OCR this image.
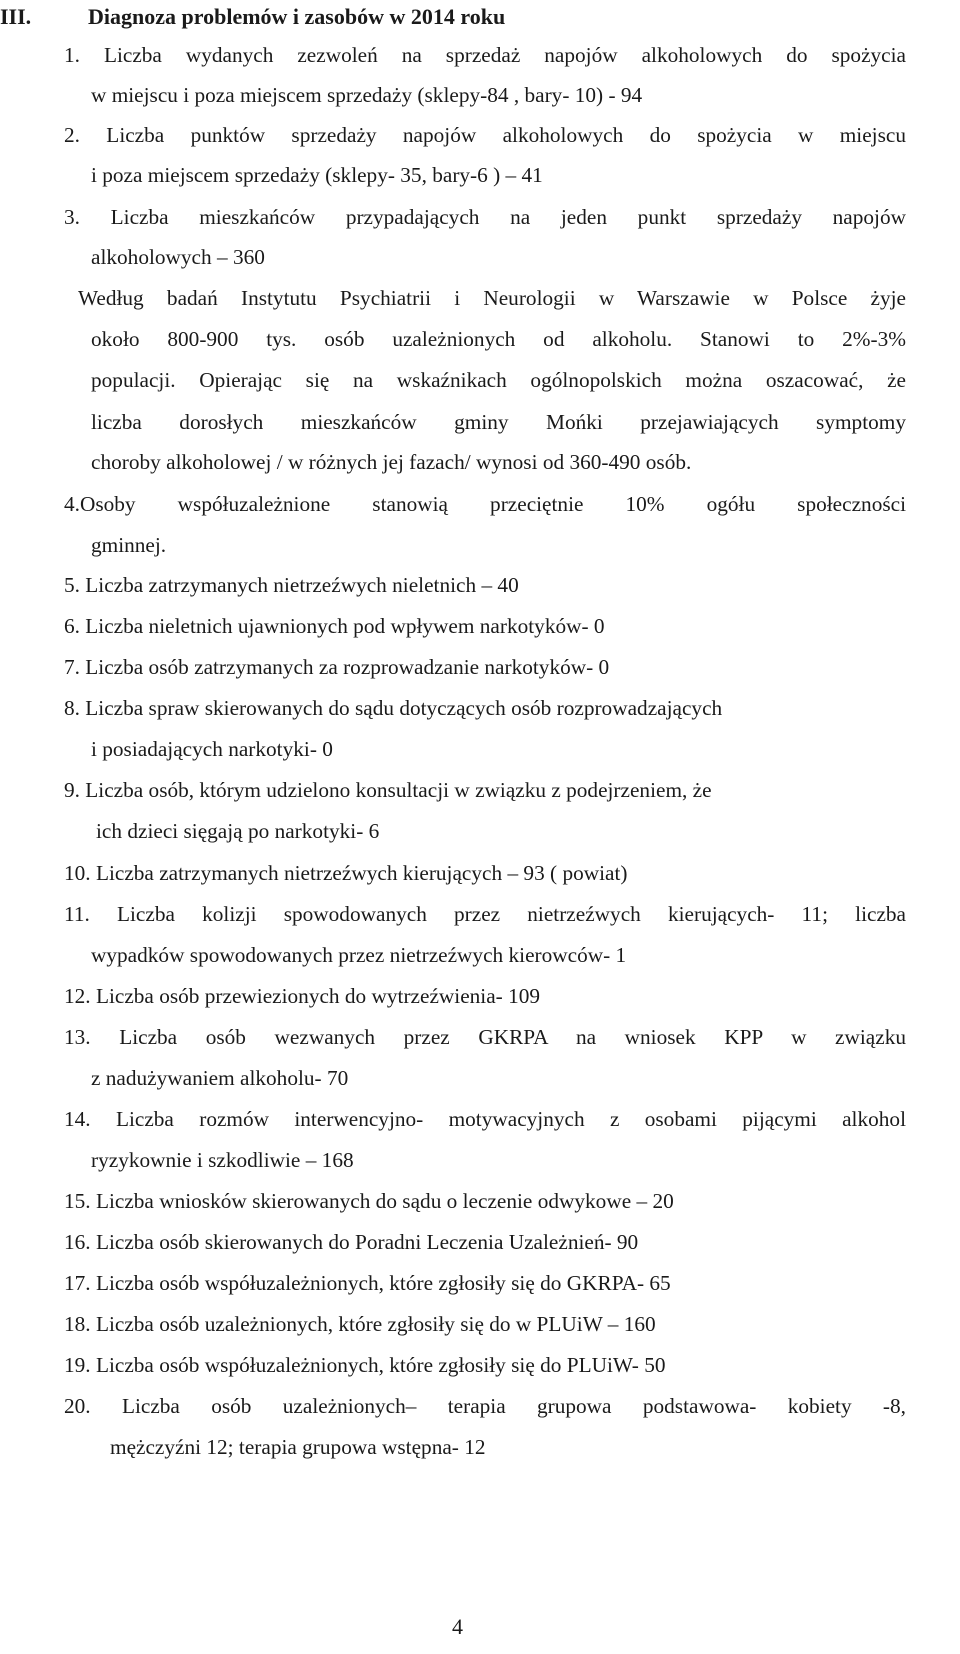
III.	Diagnoza problemów i zasobów w 2014 roku
1. Liczba wydanych zezwoleń na sprzedaż napojów alkoholowych do spożycia
w miejscu i poza miejscem sprzedaży (sklepy-84 , bary- 10) - 94
2. Liczba punktów sprzedaży napojów alkoholowych do spożycia w miejscu
i poza miejscem sprzedaży (sklepy- 35, bary-6 ) – 41
3. Liczba mieszkańców przypadających na jeden punkt sprzedaży napojów
alkoholowych – 360
Według badań Instytutu Psychiatrii i Neurologii w Warszawie w Polsce żyje
około 800-900 tys. osób uzależnionych od alkoholu. Stanowi to 2%-3%
populacji. Opierając się na wskaźnikach ogólnopolskich można oszacować, że
liczba dorosłych mieszkańców gminy Mońki przejawiających symptomy
choroby alkoholowej / w różnych jej fazach/ wynosi od 360-490 osób.
4.Osoby współuzależnione stanowią przeciętnie 10% ogółu społeczności
gminnej.
5. Liczba zatrzymanych nietrzeźwych nieletnich – 40
6. Liczba nieletnich ujawnionych pod wpływem narkotyków- 0
7. Liczba osób zatrzymanych za rozprowadzanie narkotyków- 0
8. Liczba spraw skierowanych do sądu dotyczących osób rozprowadzających
i posiadających narkotyki- 0
9. Liczba osób, którym udzielono konsultacji w związku z podejrzeniem, że
ich dzieci sięgają po narkotyki- 6
10. Liczba zatrzymanych nietrzeźwych kierujących – 93 ( powiat)
11. Liczba kolizji spowodowanych przez nietrzeźwych kierujących- 11; liczba
wypadków spowodowanych przez nietrzeźwych kierowców- 1
12. Liczba osób przewiezionych do wytrzeźwienia- 109
13. Liczba osób wezwanych przez GKRPA na wniosek KPP w związku
z nadużywaniem alkoholu- 70
14. Liczba rozmów interwencyjno- motywacyjnych z osobami pijącymi alkohol
ryzykownie i szkodliwie – 168
15. Liczba wniosków skierowanych do sądu o leczenie odwykowe – 20
16. Liczba osób skierowanych do Poradni Leczenia Uzależnień- 90
17. Liczba osób współuzależnionych, które zgłosiły się do GKRPA- 65
18. Liczba osób uzależnionych, które zgłosiły się do w PLUiW – 160
19. Liczba osób współuzależnionych, które zgłosiły się do PLUiW- 50
20. Liczba osób uzależnionych– terapia grupowa podstawowa- kobiety -8,
mężczyźni 12; terapia grupowa wstępna- 12
4
